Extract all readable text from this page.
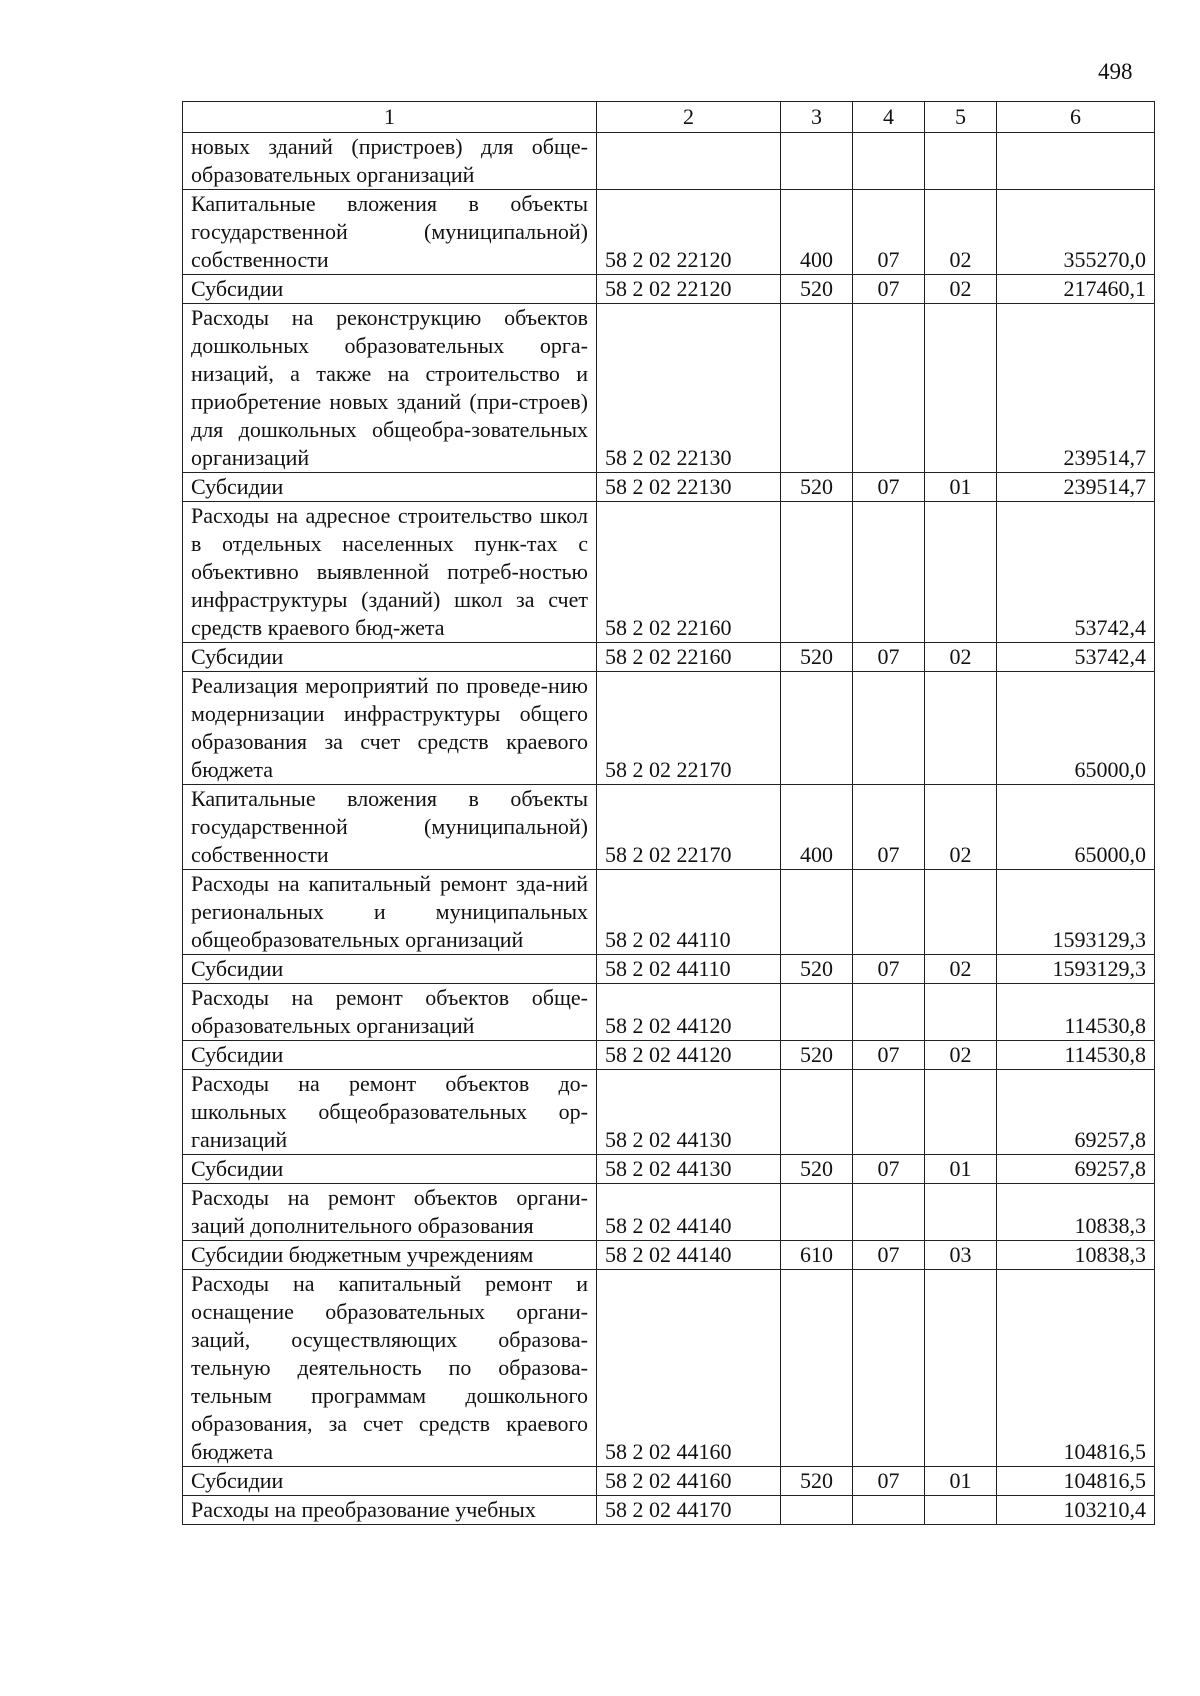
498
1	2	3	4	5	6
новых зданий (пристроев) для обще-образовательных организаций					
Капитальные вложения в объекты государственной (муниципальной) собственности	58 2 02 22120	400	07	02	355270,0
Субсидии	58 2 02 22120	520	07	02	217460,1
Расходы на реконструкцию объектов дошкольных образовательных орга-низаций, а также на строительство и приобретение новых зданий (при-строев) для дошкольных общеобра-зовательных организаций	58 2 02 22130				239514,7
Субсидии	58 2 02 22130	520	07	01	239514,7
Расходы на адресное строительство школ в отдельных населенных пунк-тах с объективно выявленной потреб-ностью инфраструктуры (зданий) школ за счет средств краевого бюд-жета	58 2 02 22160				53742,4
Субсидии	58 2 02 22160	520	07	02	53742,4
Реализация мероприятий по проведе-нию модернизации инфраструктуры общего образования за счет средств краевого бюджета	58 2 02 22170				65000,0
Капитальные вложения в объекты государственной (муниципальной) собственности	58 2 02 22170	400	07	02	65000,0
Расходы на капитальный ремонт зда-ний региональных и муниципальных общеобразовательных организаций	58 2 02 44110				1593129,3
Субсидии	58 2 02 44110	520	07	02	1593129,3
Расходы на ремонт объектов обще-образовательных организаций	58 2 02 44120				114530,8
Субсидии	58 2 02 44120	520	07	02	114530,8
Расходы на ремонт объектов до-школьных общеобразовательных ор-ганизаций	58 2 02 44130				69257,8
Субсидии	58 2 02 44130	520	07	01	69257,8
Расходы на ремонт объектов органи-заций дополнительного образования	58 2 02 44140				10838,3
Субсидии бюджетным учреждениям	58 2 02 44140	610	07	03	10838,3
Расходы на капитальный ремонт и оснащение образовательных органи-заций, осуществляющих образова-тельную деятельность по образова-тельным программам дошкольного образования, за счет средств краевого бюджета	58 2 02 44160				104816,5
Субсидии	58 2 02 44160	520	07	01	104816,5
Расходы на преобразование учебных	58 2 02 44170				103210,4
